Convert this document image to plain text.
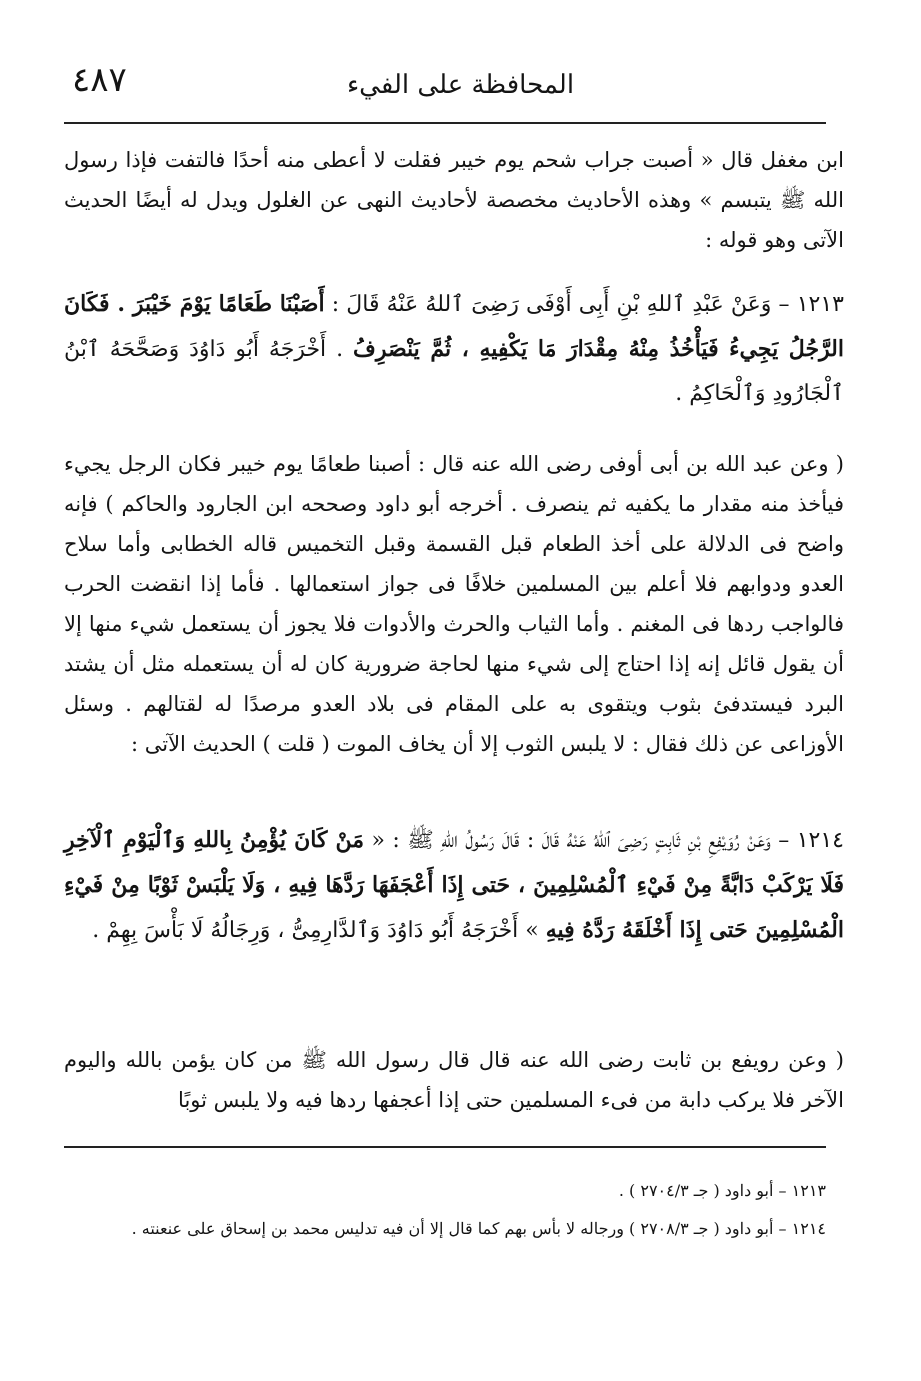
٤٨٧	المحافظة على الفيء
ابن مغفل قال « أصبت جراب شحم يوم خيبر فقلت لا أعطى منه أحدًا فالتفت فإذا رسول الله ﷺ يتبسم » وهذه الأحاديث مخصصة لأحاديث النهى عن الغلول ويدل له أيضًا الحديث الآتى وهو قوله :
١٢١٣ – وَعَنْ عَبْدِ ٱللهِ بْنِ أَبِى أَوْفَى رَضِىَ ٱللهُ عَنْهُ قَالَ : أَصَبْنَا طَعَامًا يَوْمَ خَيْبَرَ . فَكَانَ الرَّجُلُ يَجِيءُ فَيَأْخُذُ مِنْهُ مِقْدَارَ مَا يَكْفِيهِ ، ثُمَّ يَنْصَرِفُ . أَخْرَجَهُ أَبُو دَاوُدَ وَصَحَّحَهُ ٱبْنُ ٱلْجَارُودِ وَٱلْحَاكِمُ .
( وعن عبد الله بن أبى أوفى رضى الله عنه قال : أصبنا طعامًا يوم خيبر فكان الرجل يجيء فيأخذ منه مقدار ما يكفيه ثم ينصرف . أخرجه أبو داود وصححه ابن الجارود والحاكم ) فإنه واضح فى الدلالة على أخذ الطعام قبل القسمة وقبل التخميس قاله الخطابى وأما سلاح العدو ودوابهم فلا أعلم بين المسلمين خلافًا فى جواز استعمالها . فأما إذا انقضت الحرب فالواجب ردها فى المغنم . وأما الثياب والحرث والأدوات فلا يجوز أن يستعمل شيء منها إلا أن يقول قائل إنه إذا احتاج إلى شيء منها لحاجة ضرورية كان له أن يستعمله مثل أن يشتد البرد فيستدفئ بثوب ويتقوى به على المقام فى بلاد العدو مرصدًا له لقتالهم . وسئل الأوزاعى عن ذلك فقال : لا يلبس الثوب إلا أن يخاف الموت ( قلت ) الحديث الآتى :
١٢١٤ – وَعَنْ رُوَيْفِعِ بْنِ ثَابِتٍ رَضِىَ ٱللهُ عَنْهُ قَالَ : قَالَ رَسُولُ اللهِ ﷺ : « مَنْ كَانَ يُؤْمِنُ بِاللهِ وَٱلْيَوْمِ ٱلْآخِرِ فَلَا يَرْكَبْ دَابَّةً مِنْ فَيْءِ ٱلْمُسْلِمِينَ ، حَتى إِذَا أَعْجَفَهَا رَدَّهَا فِيهِ ، وَلَا يَلْبَسْ ثَوْبًا مِنْ فَيْءِ الْمُسْلِمِينَ حَتى إِذَا أَخْلَقَهُ رَدَّهُ فِيهِ » أَخْرَجَهُ أَبُو دَاوُدَ وَٱلدَّارِمِىُّ ، وَرِجَالُهُ لَا بَأْسَ بِهِمْ .
( وعن رويفع بن ثابت رضى الله عنه قال قال رسول الله ﷺ من كان يؤمن بالله واليوم الآخر فلا يركب دابة من فىء المسلمين حتى إذا أعجفها ردها فيه ولا يلبس ثوبًا

١٢١٣ – أبو داود ( جـ ٢٧٠٤/٣ ) .

١٢١٤ – أبو داود ( جـ ٢٧٠٨/٣ ) ورجاله لا بأس بهم كما قال إلا أن فيه تدليس محمد بن إسحاق على عنعنته .
